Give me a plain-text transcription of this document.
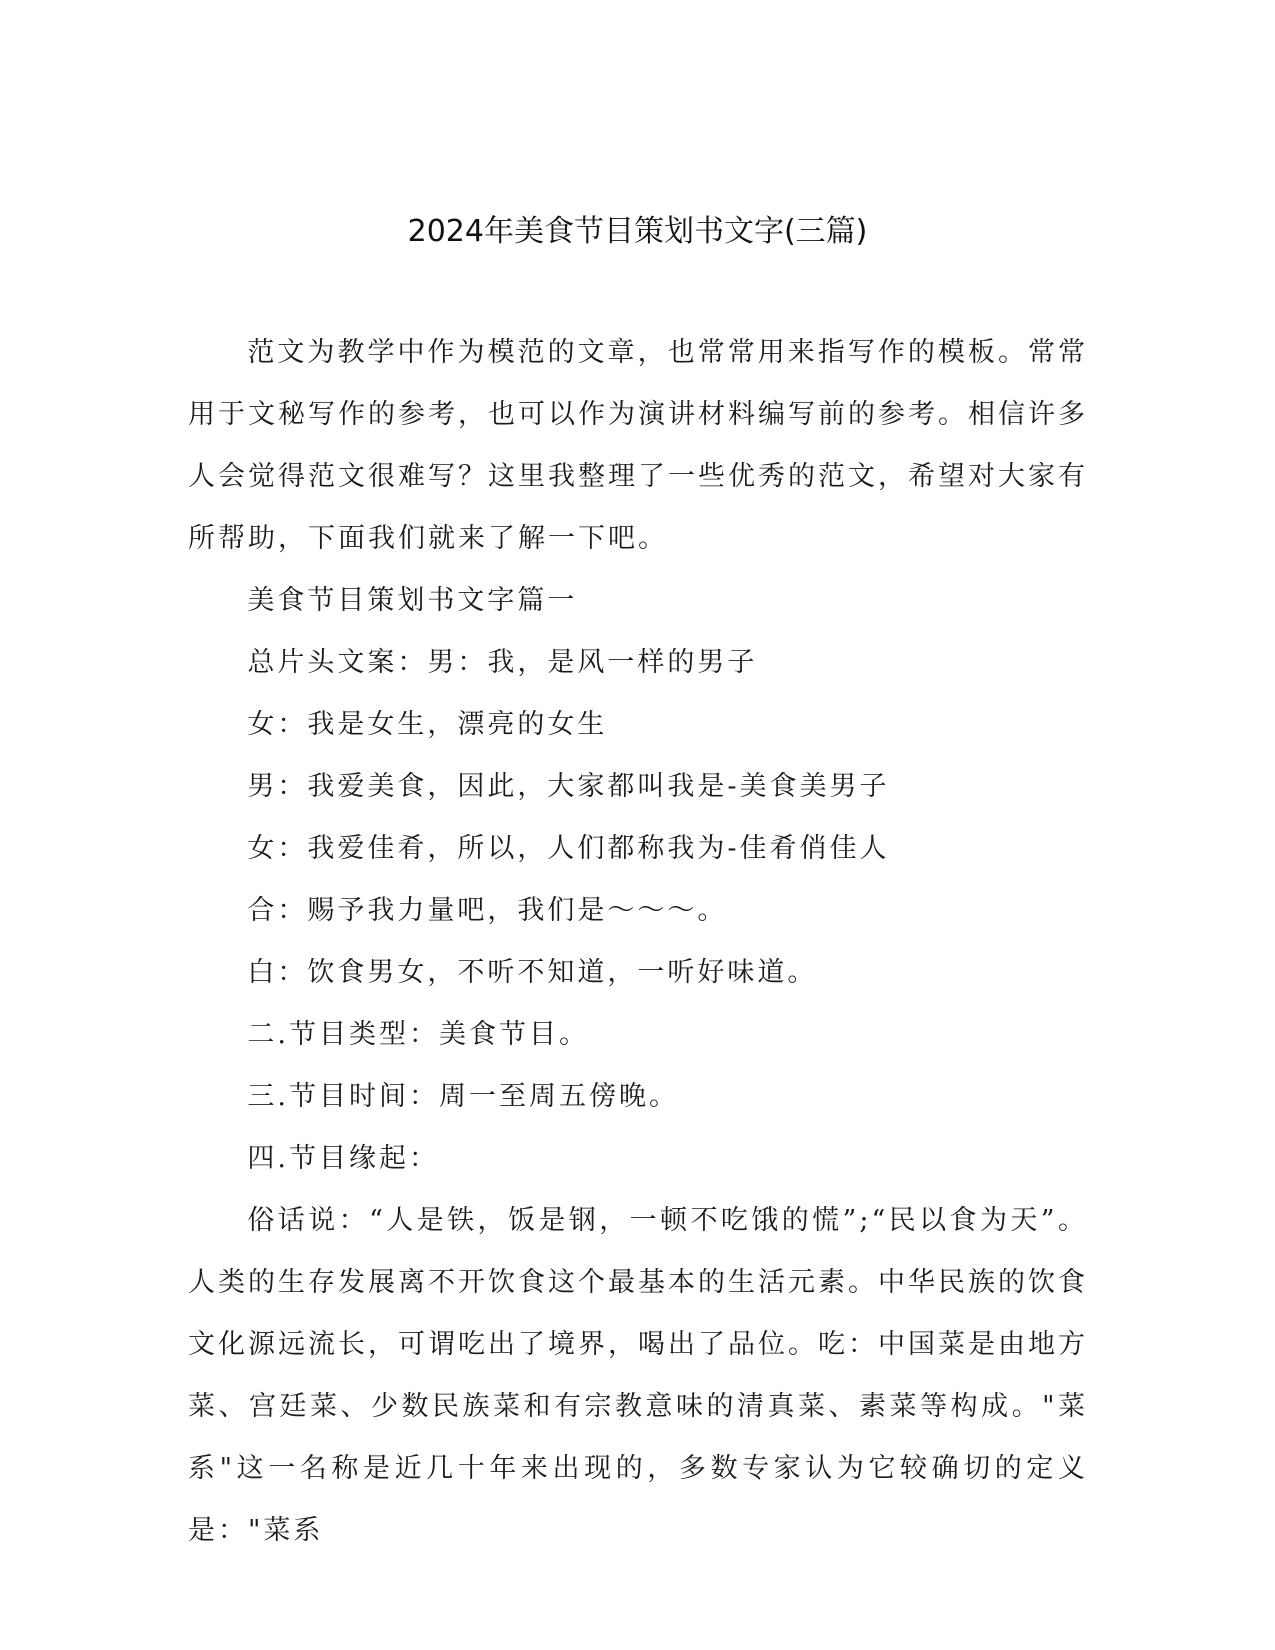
2024年美食节目策划书文字(三篇)

范文为教学中作为模范的文章，也常常用来指写作的模板。常常用于文秘写作的参考，也可以作为演讲材料编写前的参考。相信许多人会觉得范文很难写？这里我整理了一些优秀的范文，希望对大家有所帮助，下面我们就来了解一下吧。

美食节目策划书文字篇一

总片头文案：男：我，是风一样的男子

女：我是女生，漂亮的女生

男：我爱美食，因此，大家都叫我是-美食美男子

女：我爱佳肴，所以，人们都称我为-佳肴俏佳人

合：赐予我力量吧，我们是～～～。

白：饮食男女，不听不知道，一听好味道。

二.节目类型：美食节目。

三.节目时间：周一至周五傍晚。

四.节目缘起：

俗话说：“人是铁，饭是钢，一顿不吃饿的慌”;“民以食为天”。人类的生存发展离不开饮食这个最基本的生活元素。中华民族的饮食文化源远流长，可谓吃出了境界，喝出了品位。吃：中国菜是由地方菜、宫廷菜、少数民族菜和有宗教意味的清真菜、素菜等构成。"菜系"这一名称是近几十年来出现的，多数专家认为它较确切的定义是："菜系
